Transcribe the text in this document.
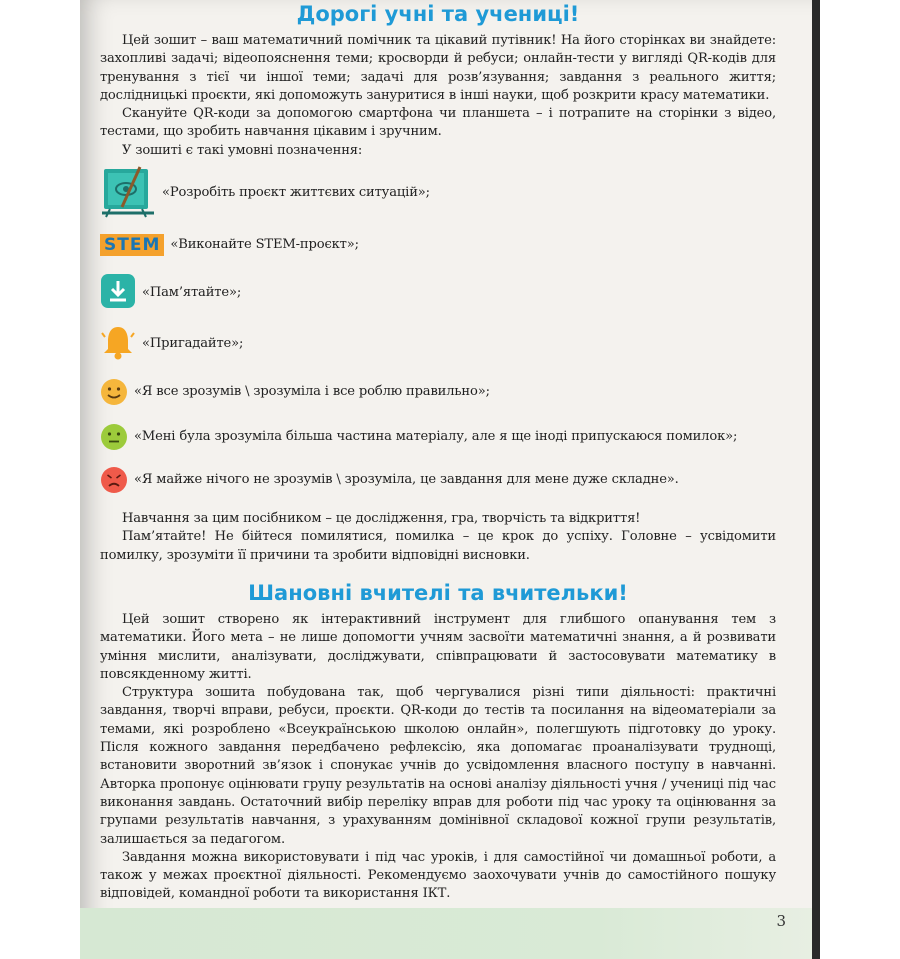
Дорогі учні та учениці!

Цей зошит – ваш математичний помічник та цікавий путівник! На його сторінках ви знайдете: захопливі задачі; відеопояснення теми; кросворди й ребуси; онлайн-тести у вигляді QR-кодів для тренування з тієї чи іншої теми; задачі для розв’язування; завдання з реального життя; дослідницькі проєкти, які допоможуть зануритися в інші науки, щоб розкрити красу математики.

Скануйте QR-коди за допомогою смартфона чи планшета – і потрапите на сторінки з відео, тестами, що зробить навчання цікавим і зручним.

У зошиті є такі умовні позначення:

«Розробіть проєкт життєвих ситуацій»;
STEM «Виконайте STEM-проєкт»;
«Пам’ятайте»;
«Пригадайте»;
«Я все зрозумів \ зрозуміла і все роблю правильно»;
«Мені була зрозуміла більша частина матеріалу, але я ще іноді припускаюся помилок»;
«Я майже нічого не зрозумів \ зрозуміла, це завдання для мене дуже складне».

Навчання за цим посібником – це дослідження, гра, творчість та відкриття!

Пам’ятайте! Не бійтеся помилятися, помилка – це крок до успіху. Головне – усвідомити помилку, зрозуміти її причини та зробити відповідні висновки.

Шановні вчителі та вчительки!

Цей зошит створено як інтерактивний інструмент для глибшого опанування тем з математики. Його мета – не лише допомогти учням засвоїти математичні знання, а й розвивати уміння мислити, аналізувати, досліджувати, співпрацювати й застосовувати математику в повсякденному житті.

Структура зошита побудована так, щоб чергувалися різні типи діяльності: практичні завдання, творчі вправи, ребуси, проєкти. QR-коди до тестів та посилання на відеоматеріали за темами, які розроблено «Всеукраїнською школою онлайн», полегшують підготовку до уроку. Після кожного завдання передбачено рефлексію, яка допомагає проаналізувати труднощі, встановити зворотний зв’язок і спонукає учнів до усвідомлення власного поступу в навчанні. Авторка пропонує оцінювати групу результатів на основі аналізу діяльності учня / учениці під час виконання завдань. Остаточний вибір переліку вправ для роботи під час уроку та оцінювання за групами результатів навчання, з урахуванням домінівної складової кожної групи результатів, залишається за педагогом.

Завдання можна використовувати і під час уроків, і для самостійної чи домашньої роботи, а також у межах проєктної діяльності. Рекомендуємо заохочувати учнів до самостійного пошуку відповідей, командної роботи та використання ІКТ.

3
